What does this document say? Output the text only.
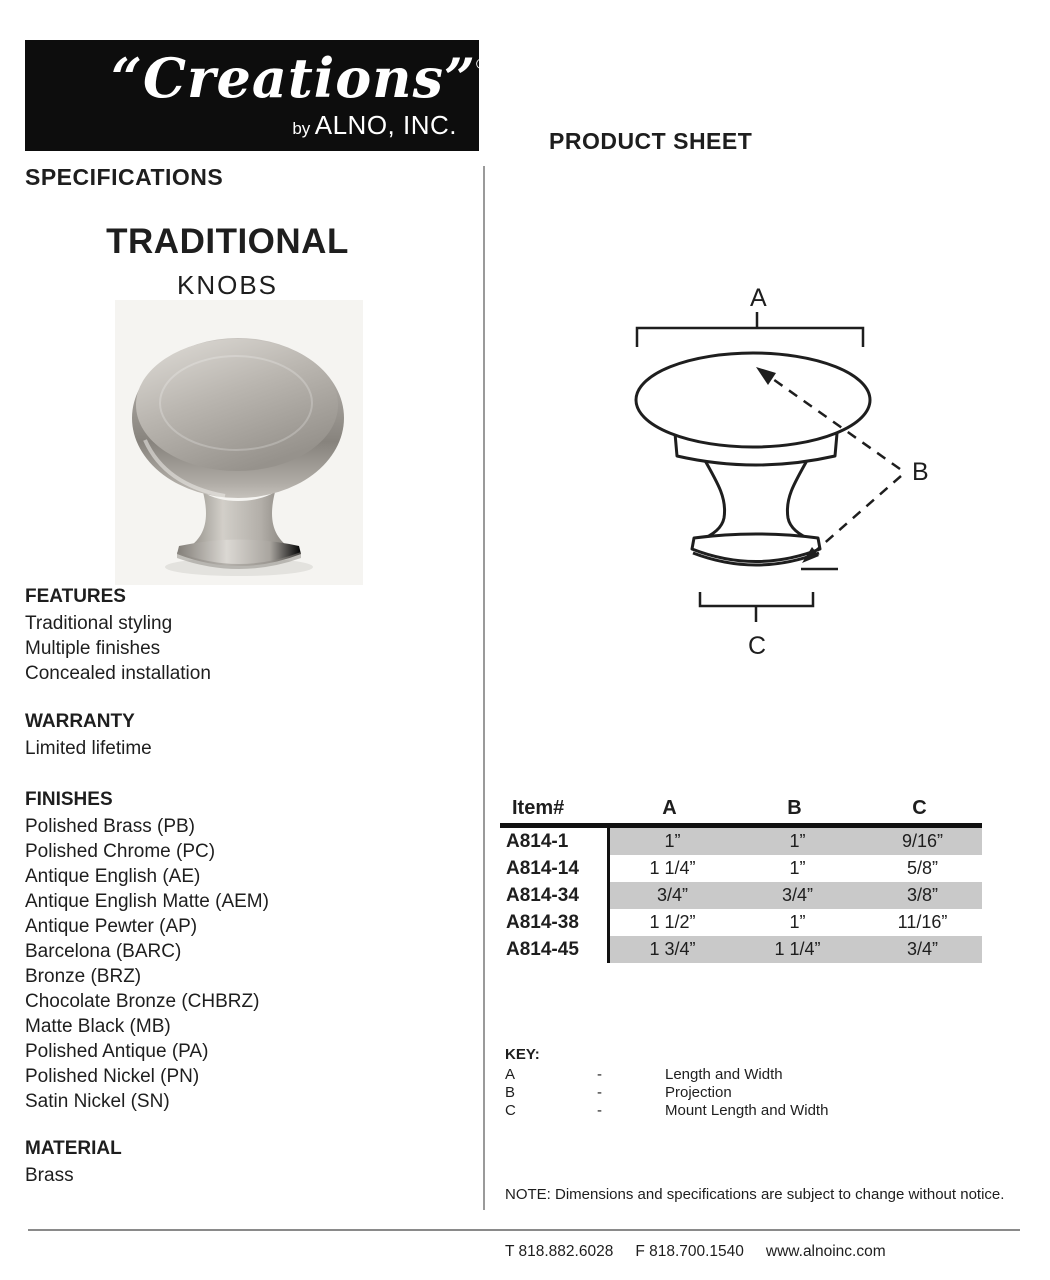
“Creations”®
by ALNO, INC.
PRODUCT SHEET
SPECIFICATIONS
TRADITIONAL
KNOBS
FEATURES
Traditional styling
Multiple finishes
Concealed installation
WARRANTY
Limited lifetime
FINISHES
Polished Brass (PB)
Polished Chrome (PC)
Antique English (AE)
Antique English Matte (AEM)
Antique Pewter (AP)
Barcelona (BARC)
Bronze (BRZ)
Chocolate Bronze (CHBRZ)
Matte Black (MB)
Polished Antique (PA)
Polished Nickel (PN)
Satin Nickel (SN)
MATERIAL
Brass
A
B
C
Item#	A	B	C
A814-1	1”	1”	9/16”
A814-14	1 1/4”	1”	5/8”
A814-34	3/4”	3/4”	3/8”
A814-38	1 1/2”	1”	11/16”
A814-45	1 3/4”	1 1/4”	3/4”
KEY:
A	-	Length and Width
B	-	Projection
C	-	Mount Length and Width
NOTE: Dimensions and specifications are subject to change without notice.
T 818.882.6028 F 818.700.1540 www.alnoinc.com
